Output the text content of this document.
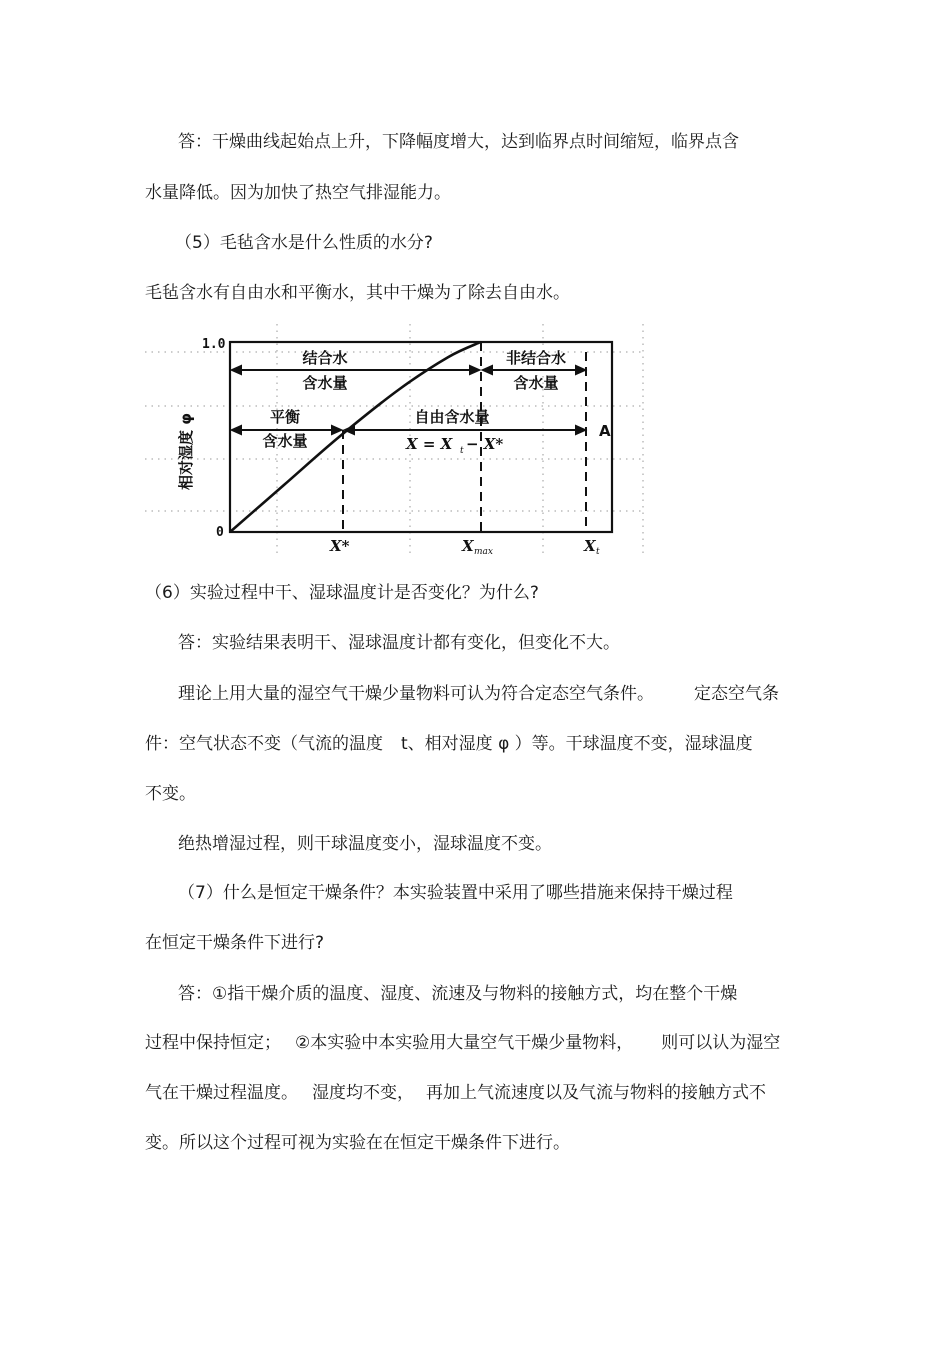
答：干燥曲线起始点上升，下降幅度增大，达到临界点时间缩短，临界点含
水量降低。因为加快了热空气排湿能力。
（5）毛毡含水是什么性质的水分?
毛毡含水有自由水和平衡水，其中干燥为了除去自由水。
1.0
0
相对湿度 φ
结合水
含水量
非结合水
含水量
平衡
含水量
自由含水量
X = X t − X*
A
X*	X max	X t
（6）实验过程中干、湿球温度计是否变化？为什么?
答：实验结果表明干、湿球温度计都有变化，但变化不大。
理论上用大量的湿空气干燥少量物料可认为符合定态空气条件。 定态空气条
件：空气状态不变（气流的温度 t、相对湿度 φ ）等。干球温度不变，湿球温度
不变。
绝热增湿过程，则干球温度变小，湿球温度不变。
（7）什么是恒定干燥条件？本实验装置中采用了哪些措施来保持干燥过程
在恒定干燥条件下进行?
答：①指干燥介质的温度、湿度、流速及与物料的接触方式，均在整个干燥
过程中保持恒定； ②本实验中本实验用大量空气干燥少量物料， 则可以认为湿空
气在干燥过程温度。 湿度均不变， 再加上气流速度以及气流与物料的接触方式不
变。所以这个过程可视为实验在在恒定干燥条件下进行。
